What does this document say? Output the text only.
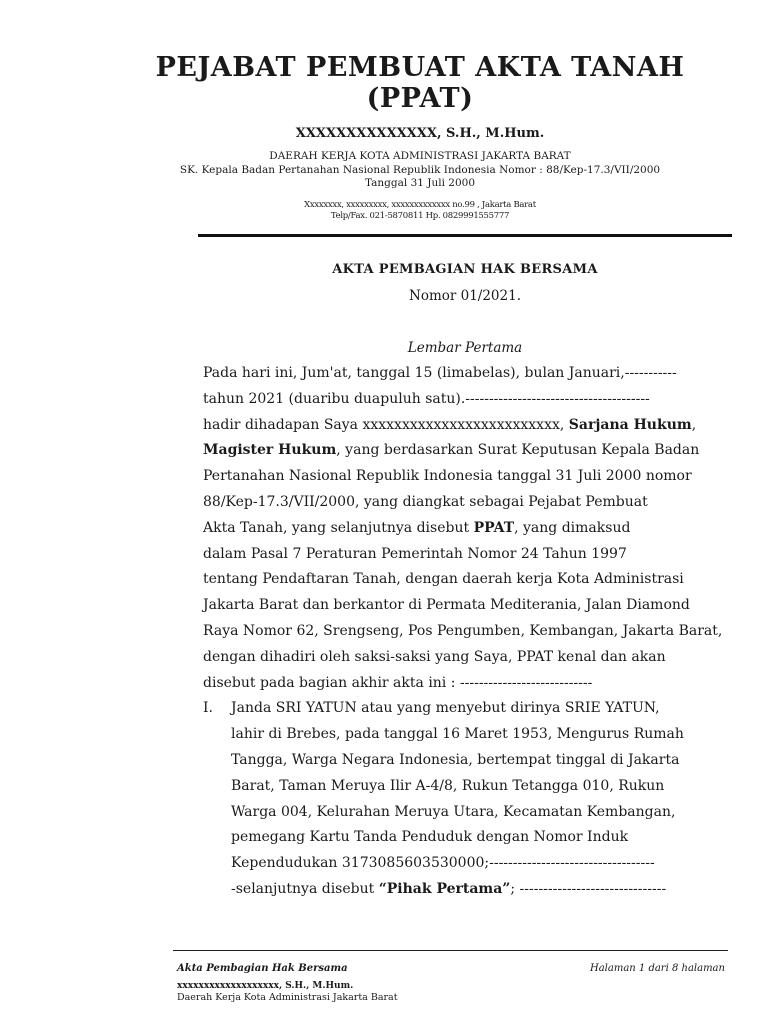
PEJABAT PEMBUAT AKTA TANAH
(PPAT)
XXXXXXXXXXXXXX, S.H., M.Hum.
DAERAH KERJA KOTA ADMINISTRASI JAKARTA BARAT
SK. Kepala Badan Pertanahan Nasional Republik Indonesia Nomor : 88/Kep-17.3/VII/2000
Tanggal 31 Juli 2000
Xxxxxxxx, xxxxxxxxx, xxxxxxxxxxxxx no.99 , Jakarta Barat
Telp/Fax. 021-5870811 Hp. 0829991555777
AKTA PEMBAGIAN HAK BERSAMA
Nomor 01/2021.
Lembar Pertama
Pada hari ini, Jum'at, tanggal 15 (limabelas), bulan Januari,-----------
tahun 2021 (duaribu duapuluh satu).---------------------------------------
hadir dihadapan Saya xxxxxxxxxxxxxxxxxxxxxxxxx, Sarjana Hukum ,
Magister Hukum , yang berdasarkan Surat Keputusan Kepala Badan
Pertanahan Nasional Republik Indonesia tanggal 31 Juli 2000 nomor
88/Kep-17.3/VII/2000, yang diangkat sebagai Pejabat Pembuat
Akta Tanah, yang selanjutnya disebut PPAT , yang dimaksud
dalam Pasal 7 Peraturan Pemerintah Nomor 24 Tahun 1997
tentang Pendaftaran Tanah, dengan daerah kerja Kota Administrasi
Jakarta Barat dan berkantor di Permata Mediterania, Jalan Diamond
Raya Nomor 62, Srengseng, Pos Pengumben, Kembangan, Jakarta Barat,
dengan dihadiri oleh saksi-saksi yang Saya, PPAT kenal dan akan
disebut pada bagian akhir akta ini : ----------------------------
I. Janda SRI YATUN atau yang menyebut dirinya SRIE YATUN,
lahir di Brebes, pada tanggal 16 Maret 1953, Mengurus Rumah
Tangga, Warga Negara Indonesia, bertempat tinggal di Jakarta
Barat, Taman Meruya Ilir A-4/8, Rukun Tetangga 010, Rukun
Warga 004, Kelurahan Meruya Utara, Kecamatan Kembangan,
pemegang Kartu Tanda Penduduk dengan Nomor Induk
Kependudukan 3173085603530000;-----------------------------------
-selanjutnya disebut “Pihak Pertama” ; -------------------------------
Akta Pembagian Hak Bersama	Halaman 1 dari 8 halaman
xxxxxxxxxxxxxxxxxxx, S.H., M.Hum.
Daerah Kerja Kota Administrasi Jakarta Barat
